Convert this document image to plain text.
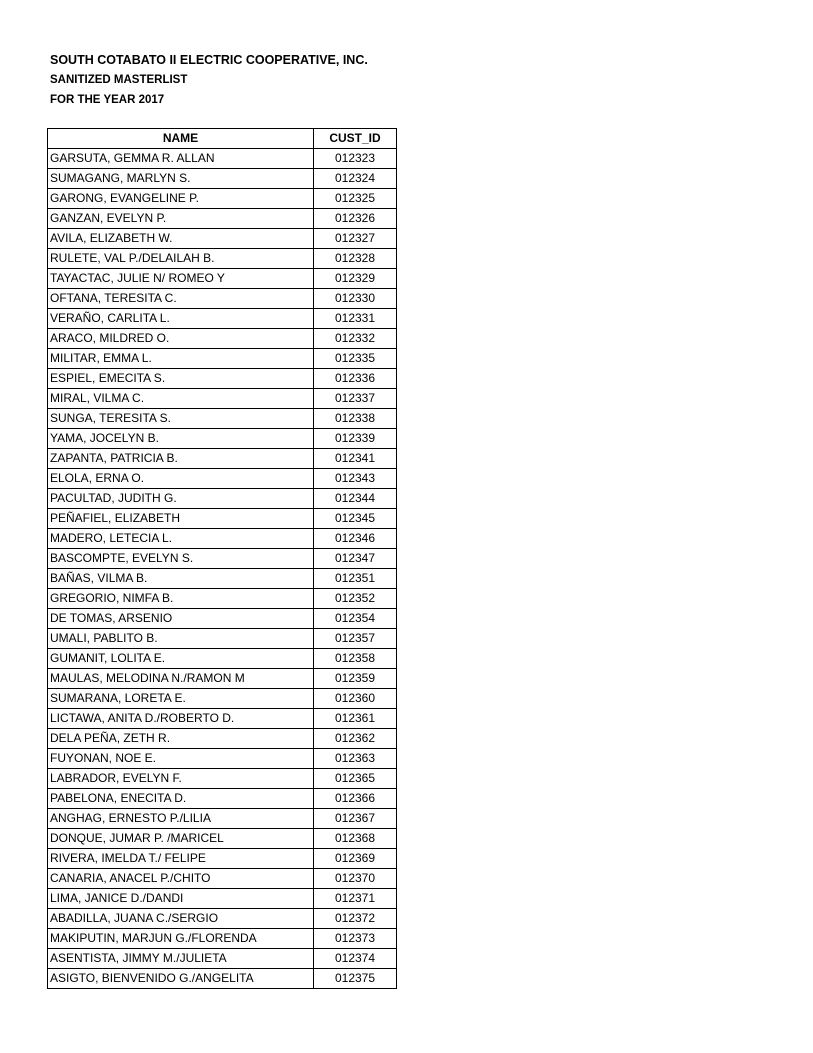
SOUTH COTABATO II ELECTRIC COOPERATIVE, INC.
SANITIZED MASTERLIST
FOR THE YEAR 2017
NAME	CUST_ID
GARSUTA, GEMMA R. ALLAN	012323
SUMAGANG, MARLYN S.	012324
GARONG, EVANGELINE P.	012325
GANZAN, EVELYN P.	012326
AVILA, ELIZABETH W.	012327
RULETE, VAL P./DELAILAH B.	012328
TAYACTAC, JULIE N/ ROMEO Y	012329
OFTANA, TERESITA C.	012330
VERAÑO, CARLITA L.	012331
ARACO, MILDRED O.	012332
MILITAR, EMMA L.	012335
ESPIEL, EMECITA S.	012336
MIRAL, VILMA C.	012337
SUNGA, TERESITA S.	012338
YAMA, JOCELYN B.	012339
ZAPANTA, PATRICIA B.	012341
ELOLA, ERNA O.	012343
PACULTAD, JUDITH G.	012344
PEÑAFIEL, ELIZABETH	012345
MADERO, LETECIA L.	012346
BASCOMPTE, EVELYN S.	012347
BAÑAS, VILMA B.	012351
GREGORIO, NIMFA B.	012352
DE TOMAS, ARSENIO	012354
UMALI, PABLITO B.	012357
GUMANIT, LOLITA E.	012358
MAULAS, MELODINA N./RAMON M	012359
SUMARANA, LORETA E.	012360
LICTAWA, ANITA D./ROBERTO D.	012361
DELA PEÑA, ZETH R.	012362
FUYONAN, NOE E.	012363
LABRADOR, EVELYN F.	012365
PABELONA, ENECITA D.	012366
ANGHAG, ERNESTO P./LILIA	012367
DONQUE, JUMAR P. /MARICEL	012368
RIVERA, IMELDA T./ FELIPE	012369
CANARIA, ANACEL P./CHITO	012370
LIMA, JANICE D./DANDI	012371
ABADILLA, JUANA C./SERGIO	012372
MAKIPUTIN, MARJUN G./FLORENDA	012373
ASENTISTA, JIMMY M./JULIETA	012374
ASIGTO, BIENVENIDO G./ANGELITA	012375
